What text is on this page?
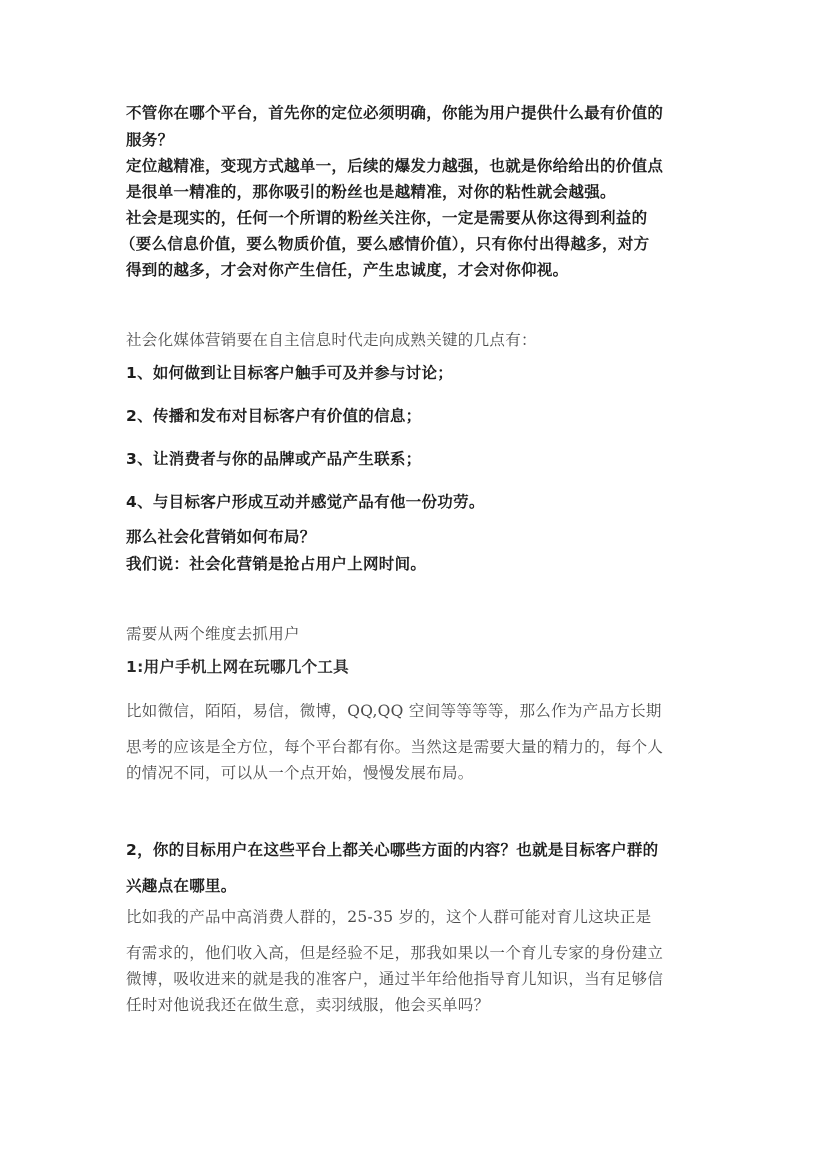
不管你在哪个平台，首先你的定位必须明确，你能为用户提供什么最有价值的
服务？
定位越精准，变现方式越单一，后续的爆发力越强，也就是你给给出的价值点
是很单一精准的，那你吸引的粉丝也是越精准，对你的粘性就会越强。
社会是现实的，任何一个所谓的粉丝关注你，一定是需要从你这得到利益的
（要么信息价值，要么物质价值，要么感情价值），只有你付出得越多，对方
得到的越多，才会对你产生信任，产生忠诚度，才会对你仰视。
社会化媒体营销要在自主信息时代走向成熟关键的几点有：
1、如何做到让目标客户触手可及并参与讨论；
2、传播和发布对目标客户有价值的信息；
3、让消费者与你的品牌或产品产生联系；
4、与目标客户形成互动并感觉产品有他一份功劳。
那么社会化营销如何布局？
我们说：社会化营销是抢占用户上网时间。
需要从两个维度去抓用户
1:用户手机上网在玩哪几个工具
比如微信，陌陌，易信，微博，QQ,QQ 空间等等等等，那么作为产品方长期
思考的应该是全方位，每个平台都有你。当然这是需要大量的精力的，每个人
的情况不同，可以从一个点开始，慢慢发展布局。
2，你的目标用户在这些平台上都关心哪些方面的内容？也就是目标客户群的
兴趣点在哪里。
比如我的产品中高消费人群的，25-35 岁的，这个人群可能对育儿这块正是
有需求的，他们收入高，但是经验不足，那我如果以一个育儿专家的身份建立
微博，吸收进来的就是我的准客户，通过半年给他指导育儿知识，当有足够信
任时对他说我还在做生意，卖羽绒服，他会买单吗？
